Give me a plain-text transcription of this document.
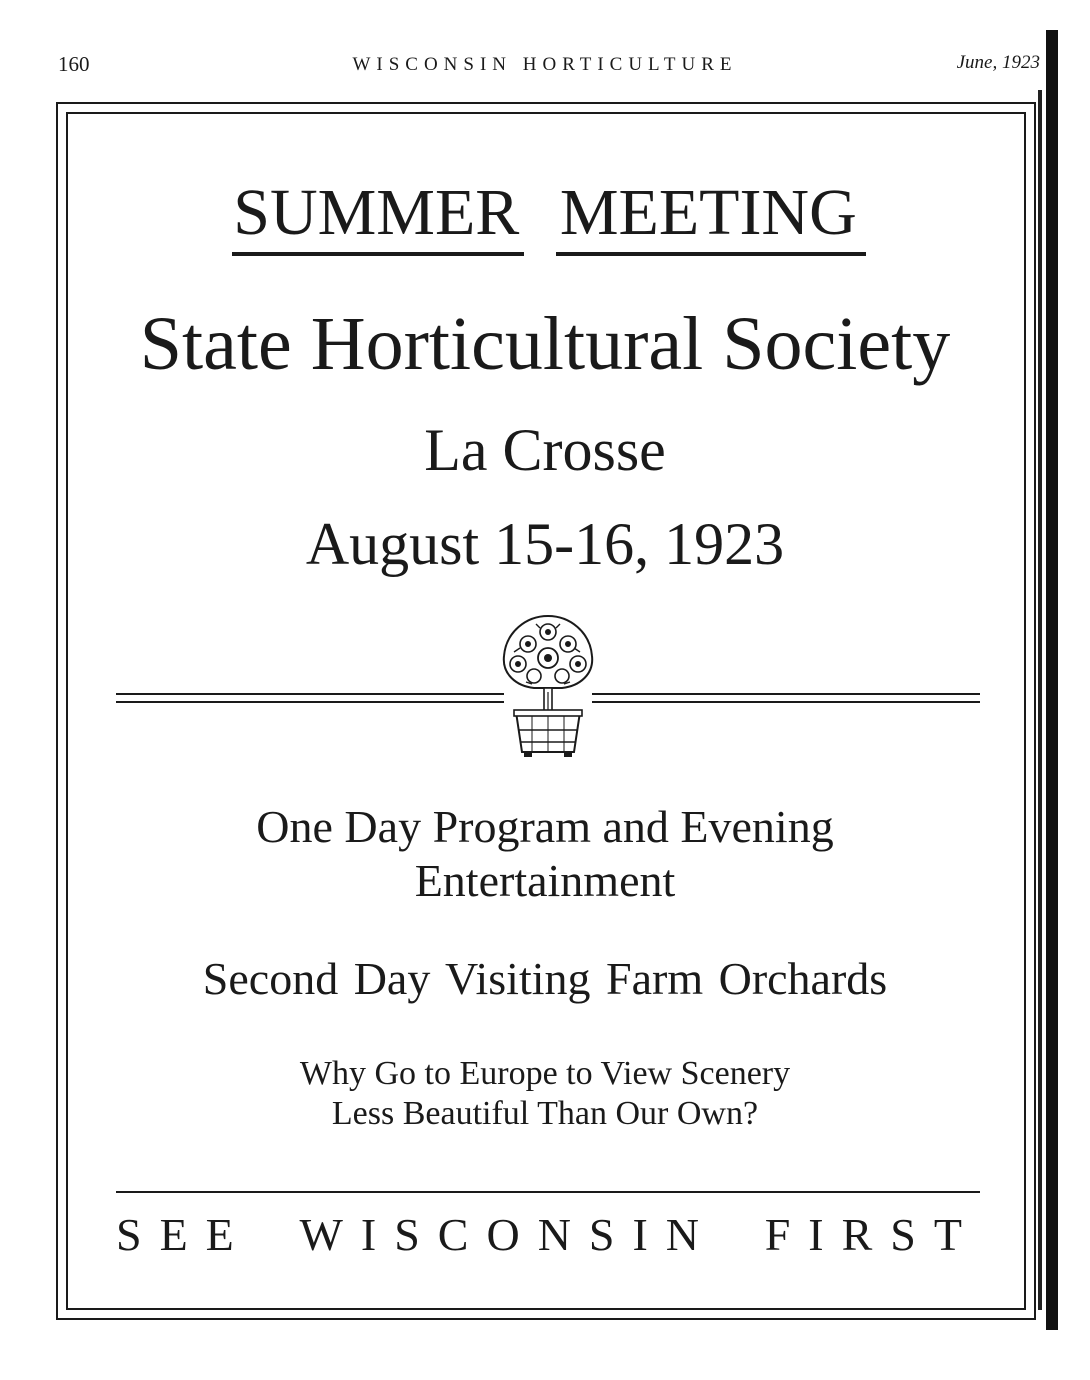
160	WISCONSIN HORTICULTURE	June, 1923
SUMMER MEETING
State Horticultural Society
La Crosse
August 15-16, 1923
One Day Program and Evening
Entertainment
Second Day Visiting Farm Orchards
Why Go to Europe to View Scenery
Less Beautiful Than Our Own?
SEE WISCONSIN FIRST
